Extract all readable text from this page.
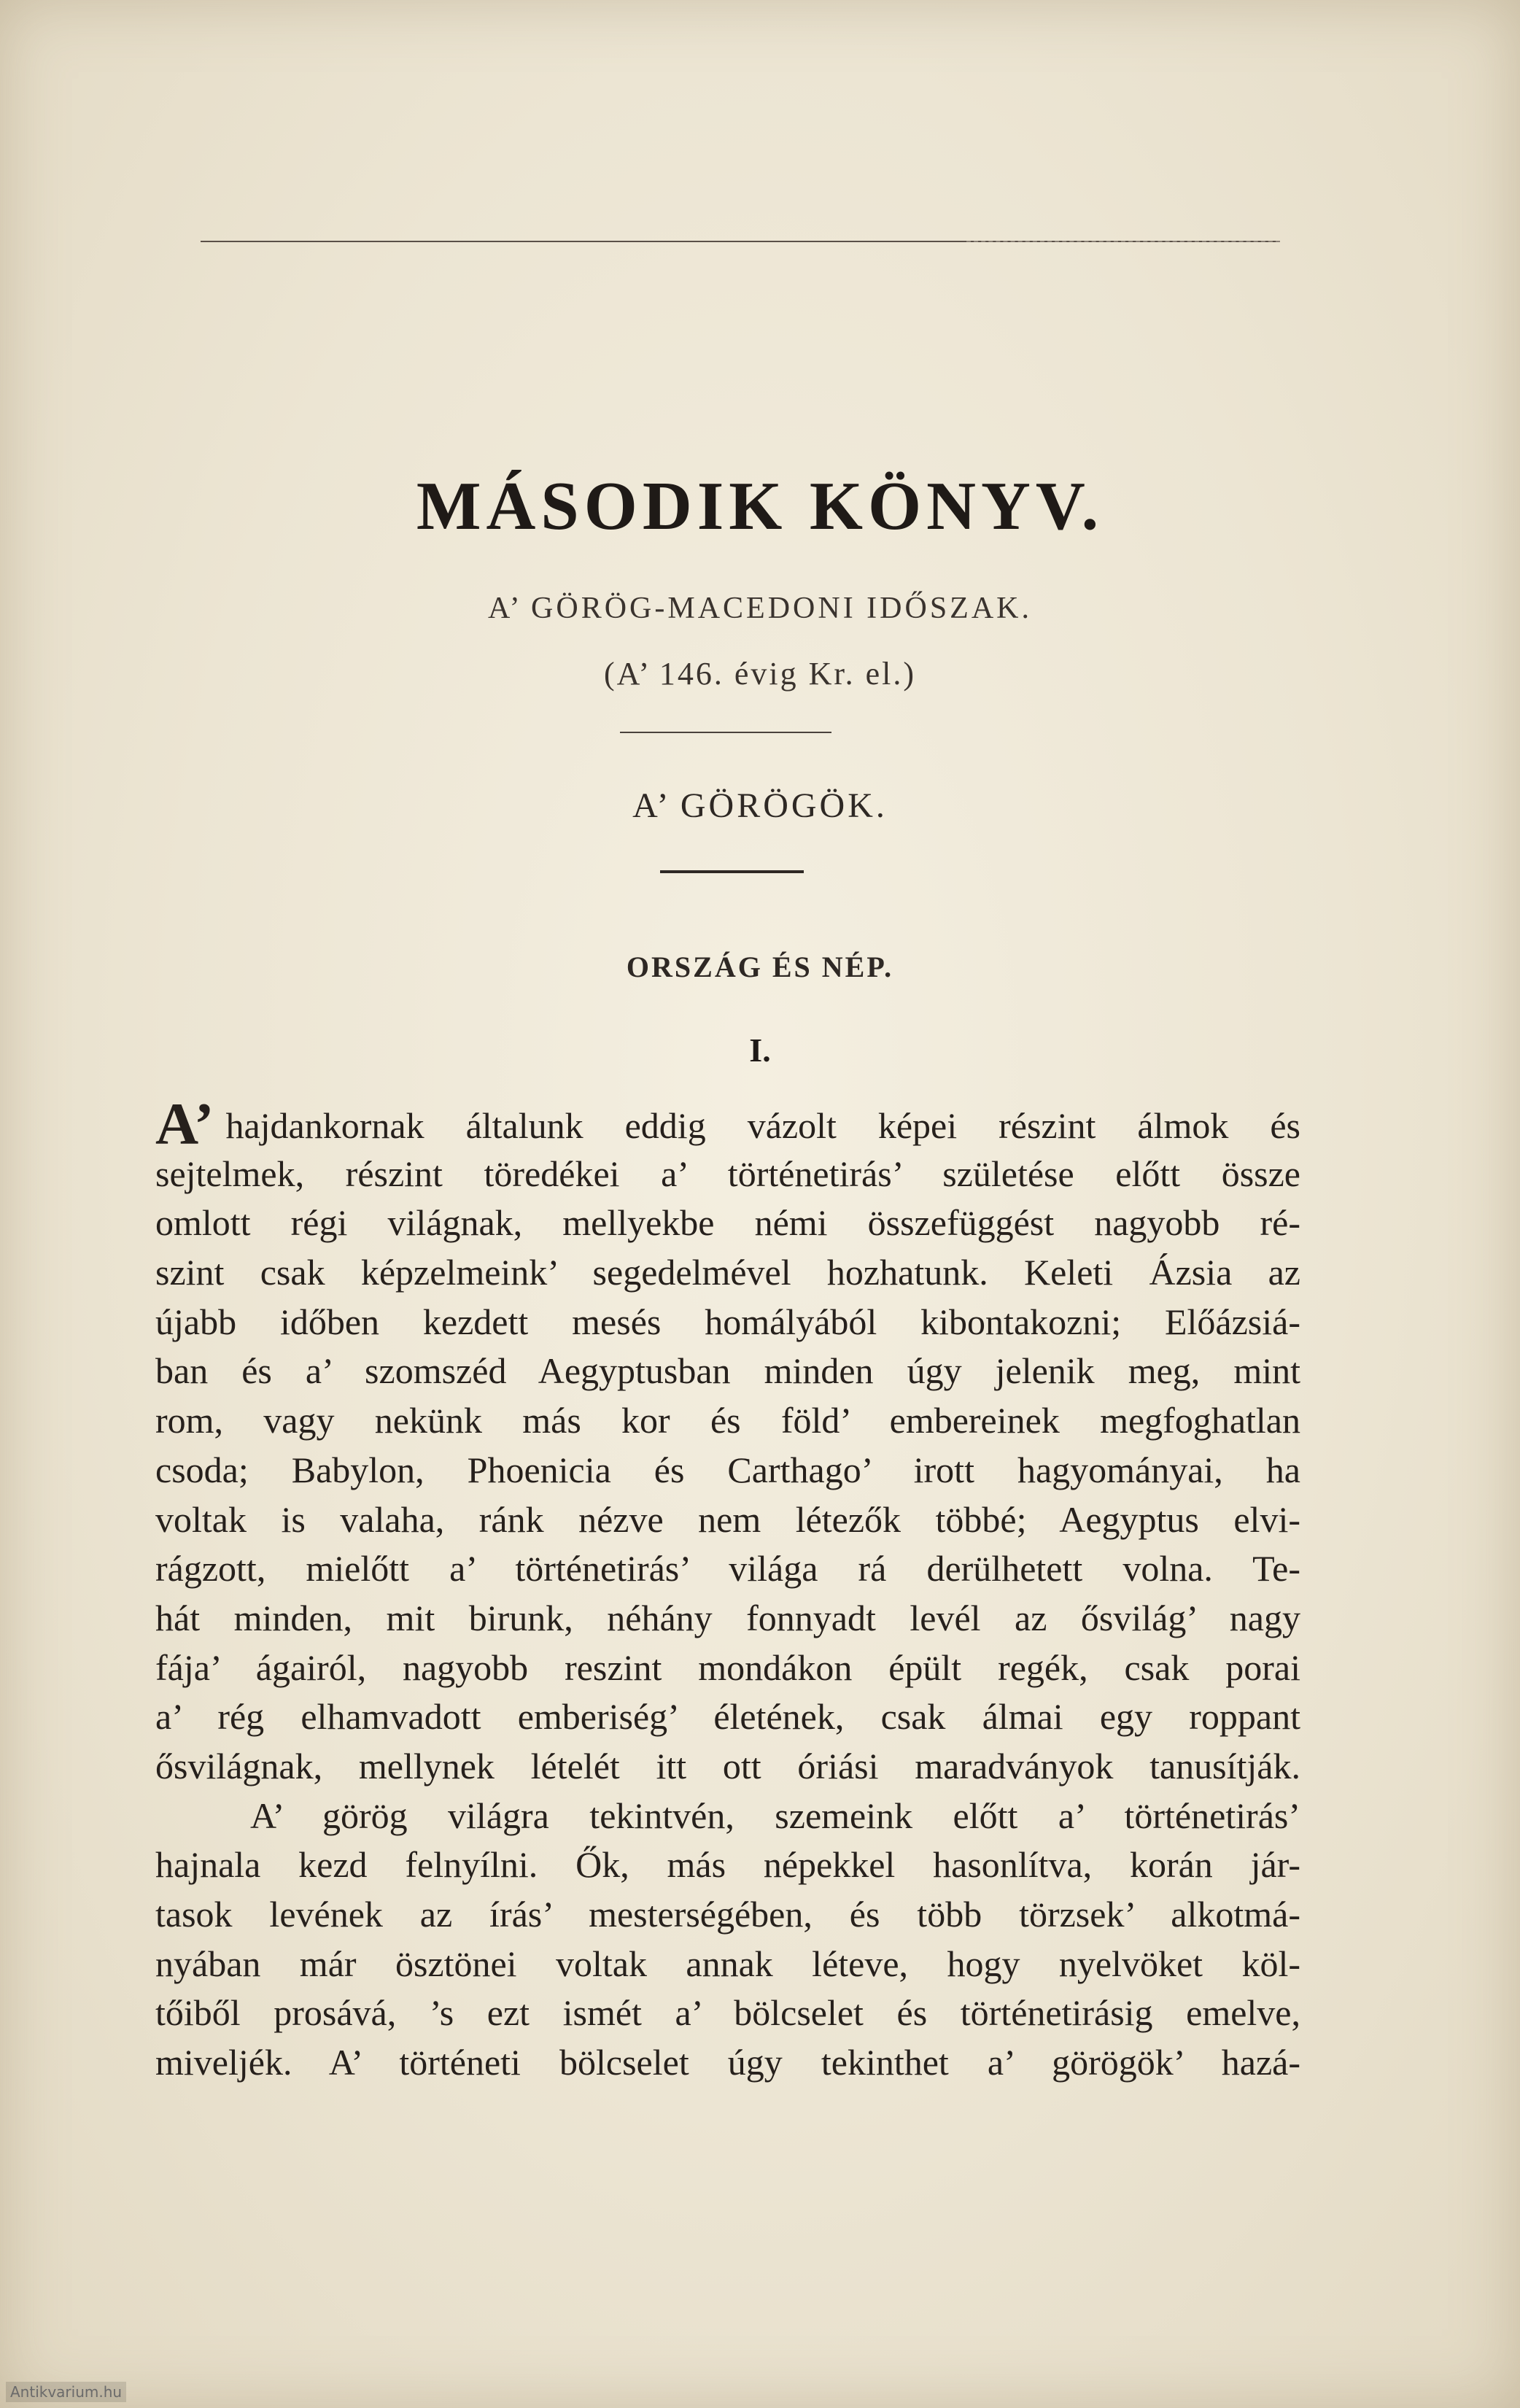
MÁSODIK KÖNYV.
A’ GÖRÖG-MACEDONI IDŐSZAK.
(A’ 146. évig Kr. el.)
A’ GÖRÖGÖK.
ORSZÁG ÉS NÉP.
I.
A’ hajdankornak általunk eddig vázolt képei részint álmok és
sejtelmek, részint töredékei a’ történetirás’ születése előtt össze
omlott régi világnak, mellyekbe némi összefüggést nagyobb ré-
szint csak képzelmeink’ segedelmével hozhatunk. Keleti Ázsia az
újabb időben kezdett mesés homályából kibontakozni; Előázsiá-
ban és a’ szomszéd Aegyptusban minden úgy jelenik meg, mint
rom, vagy nekünk más kor és föld’ embereinek megfoghatlan
csoda; Babylon, Phoenicia és Carthago’ irott hagyományai, ha
voltak is valaha, ránk nézve nem létezők többé; Aegyptus elvi-
rágzott, mielőtt a’ történetirás’ világa rá derülhetett volna. Te-
hát minden, mit birunk, néhány fonnyadt levél az ősvilág’ nagy
fája’ ágairól, nagyobb reszint mondákon épült regék, csak porai
a’ rég elhamvadott emberiség’ életének, csak álmai egy roppant
ősvilágnak, mellynek lételét itt ott óriási maradványok tanusítják.
A’ görög világra tekintvén, szemeink előtt a’ történetirás’
hajnala kezd felnyílni. Ők, más népekkel hasonlítva, korán jár-
tasok levének az írás’ mesterségében, és több törzsek’ alkotmá-
nyában már ösztönei voltak annak léteve, hogy nyelvöket köl-
tőiből prosává, ’s ezt ismét a’ bölcselet és történetirásig emelve,
miveljék. A’ történeti bölcselet úgy tekinthet a’ görögök’ hazá-
Antikvarium.hu
